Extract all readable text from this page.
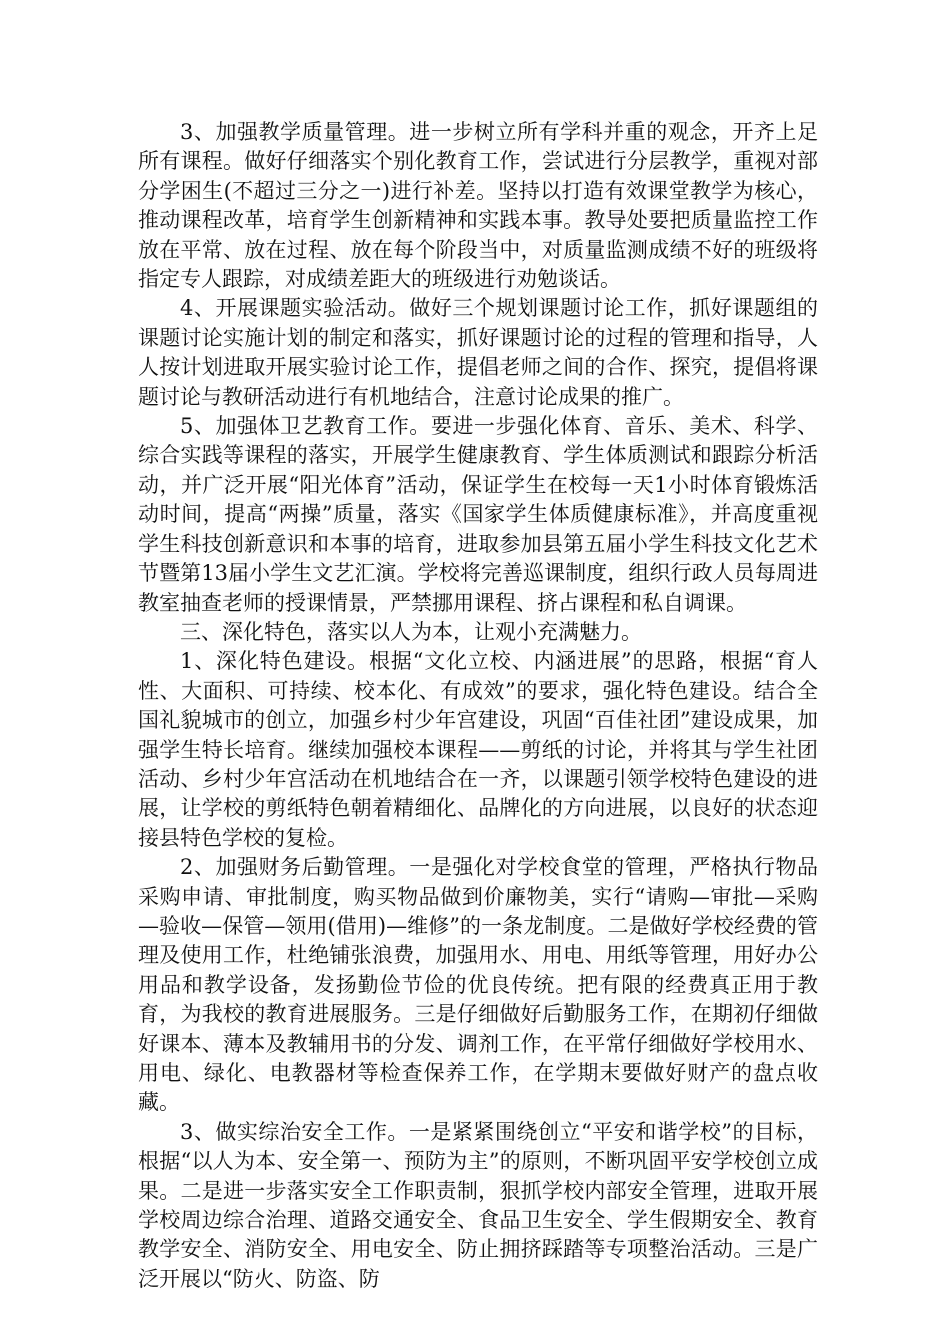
3、加强教学质量管理。进一步树立所有学科并重的观念，开齐上足所有课程。做好仔细落实个别化教育工作，尝试进行分层教学，重视对部分学困生(不超过三分之一)进行补差。坚持以打造有效课堂教学为核心，推动课程改革，培育学生创新精神和实践本事。教导处要把质量监控工作放在平常、放在过程、放在每个阶段当中，对质量监测成绩不好的班级将指定专人跟踪，对成绩差距大的班级进行劝勉谈话。

4、开展课题实验活动。做好三个规划课题讨论工作，抓好课题组的课题讨论实施计划的制定和落实，抓好课题讨论的过程的管理和指导，人人按计划进取开展实验讨论工作，提倡老师之间的合作、探究，提倡将课题讨论与教研活动进行有机地结合，注意讨论成果的推广。

5、加强体卫艺教育工作。要进一步强化体育、音乐、美术、科学、综合实践等课程的落实，开展学生健康教育、学生体质测试和跟踪分析活动，并广泛开展“阳光体育”活动，保证学生在校每一天1小时体育锻炼活动时间，提高“两操”质量，落实《国家学生体质健康标准》，并高度重视学生科技创新意识和本事的培育，进取参加县第五届小学生科技文化艺术节暨第13届小学生文艺汇演。学校将完善巡课制度，组织行政人员每周进教室抽查老师的授课情景，严禁挪用课程、挤占课程和私自调课。

三、深化特色，落实以人为本，让观小充满魅力。

1、深化特色建设。根据“文化立校、内涵进展”的思路，根据“育人性、大面积、可持续、校本化、有成效”的要求，强化特色建设。结合全国礼貌城市的创立，加强乡村少年宫建设，巩固“百佳社团”建设成果，加强学生特长培育。继续加强校本课程——剪纸的讨论，并将其与学生社团活动、乡村少年宫活动在机地结合在一齐，以课题引领学校特色建设的进展，让学校的剪纸特色朝着精细化、品牌化的方向进展，以良好的状态迎接县特色学校的复检。

2、加强财务后勤管理。一是强化对学校食堂的管理，严格执行物品采购申请、审批制度，购买物品做到价廉物美，实行“请购—审批—采购—验收—保管—领用(借用)—维修”的一条龙制度。二是做好学校经费的管理及使用工作，杜绝铺张浪费，加强用水、用电、用纸等管理，用好办公用品和教学设备，发扬勤俭节俭的优良传统。把有限的经费真正用于教育，为我校的教育进展服务。三是仔细做好后勤服务工作，在期初仔细做好课本、薄本及教辅用书的分发、调剂工作，在平常仔细做好学校用水、用电、绿化、电教器材等检查保养工作，在学期末要做好财产的盘点收藏。

3、做实综治安全工作。一是紧紧围绕创立“平安和谐学校”的目标，根据“以人为本、安全第一、预防为主”的原则，不断巩固平安学校创立成果。二是进一步落实安全工作职责制，狠抓学校内部安全管理，进取开展学校周边综合治理、道路交通安全、食品卫生安全、学生假期安全、教育教学安全、消防安全、用电安全、防止拥挤踩踏等专项整治活动。三是广泛开展以“防火、防盗、防
